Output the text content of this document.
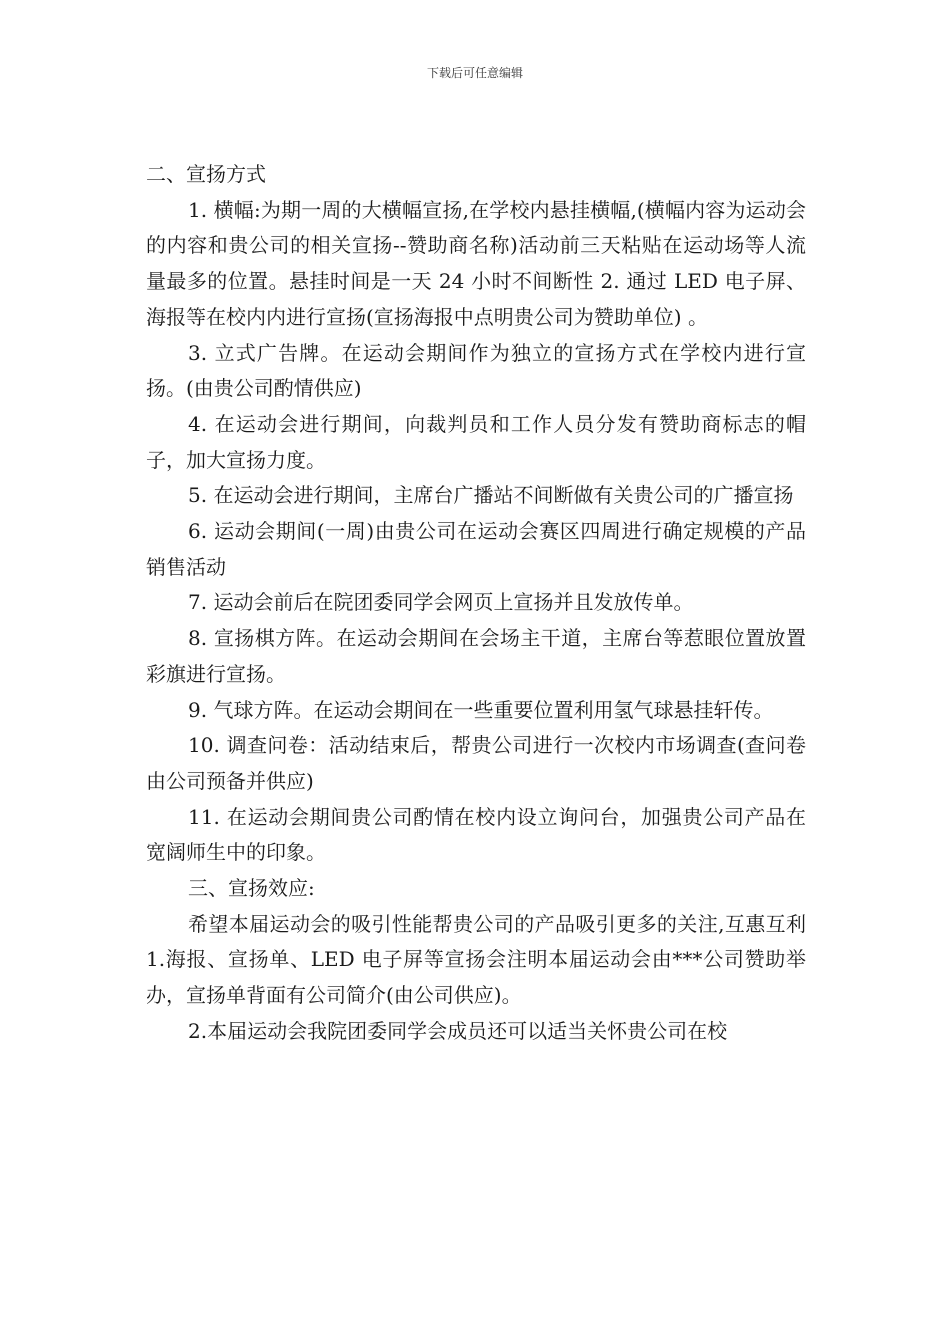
下载后可任意编辑

二、宣扬方式

1. 横幅:为期一周的大横幅宣扬,在学校内悬挂横幅,(横幅内容为运动会的内容和贵公司的相关宣扬--赞助商名称)活动前三天粘贴在运动场等人流量最多的位置。悬挂时间是一天 24 小时不间断性 2. 通过 LED 电子屏、海报等在校内内进行宣扬(宣扬海报中点明贵公司为赞助单位) 。

3. 立式广告牌。在运动会期间作为独立的宣扬方式在学校内进行宣扬。(由贵公司酌情供应)

4. 在运动会进行期间，向裁判员和工作人员分发有赞助商标志的帽子，加大宣扬力度。

5. 在运动会进行期间，主席台广播站不间断做有关贵公司的广播宣扬

6. 运动会期间(一周)由贵公司在运动会赛区四周进行确定规模的产品销售活动

7. 运动会前后在院团委同学会网页上宣扬并且发放传单。

8. 宣扬棋方阵。在运动会期间在会场主干道，主席台等惹眼位置放置彩旗进行宣扬。

9. 气球方阵。在运动会期间在一些重要位置利用氢气球悬挂轩传。

10. 调查问卷：活动结束后，帮贵公司进行一次校内市场调查(查问卷由公司预备并供应)

11. 在运动会期间贵公司酌情在校内设立询问台，加强贵公司产品在宽阔师生中的印象。

三、宣扬效应:

希望本届运动会的吸引性能帮贵公司的产品吸引更多的关注,互惠互利 1.海报、宣扬单、LED 电子屏等宣扬会注明本届运动会由***公司赞助举办，宣扬单背面有公司简介(由公司供应)。

2.本届运动会我院团委同学会成员还可以适当关怀贵公司在校
